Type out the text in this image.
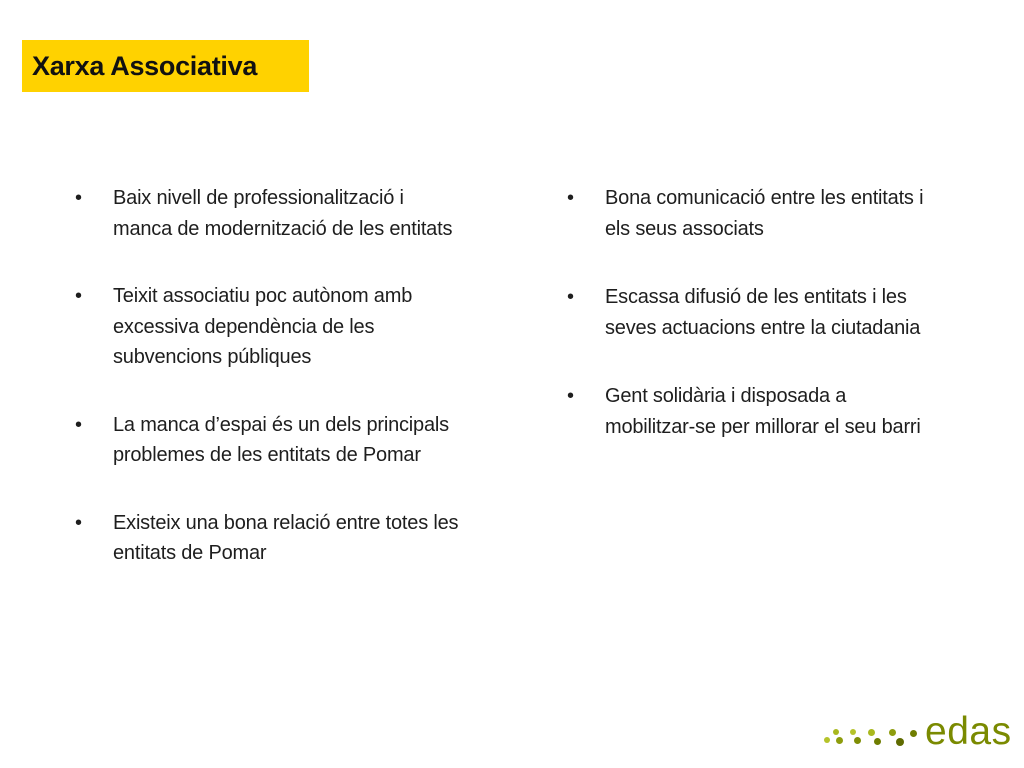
Xarxa Associativa
• Baix nivell de professionalització i manca de modernització de les entitats
• Teixit associatiu poc autònom amb excessiva dependència de les subvencions públiques
• La manca d’espai és un dels principals problemes de les entitats de Pomar
• Existeix una bona relació entre totes les entitats de Pomar
• Bona comunicació entre les entitats i els seus associats
• Escassa difusió de les entitats i les seves actuacions entre la ciutadania
• Gent solidària i disposada a mobilitzar-se per millorar el seu barri
edas
